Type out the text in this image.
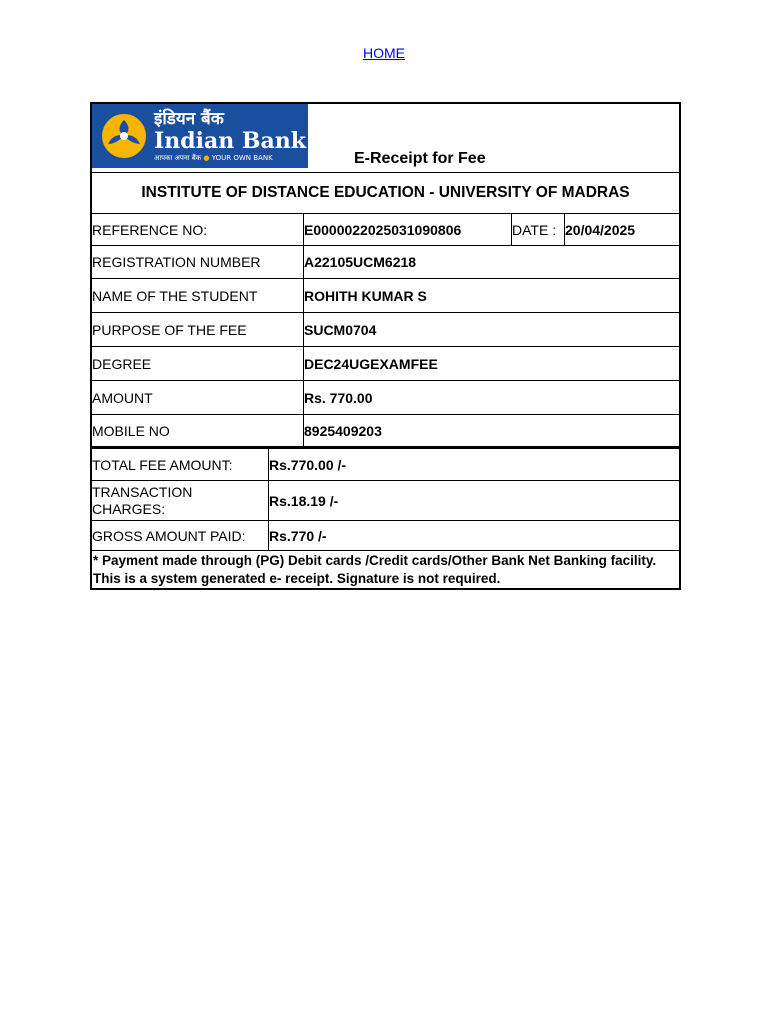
HOME
इंडियन बैंक
Indian Bank
आपका अपना बैंक ● YOUR OWN BANK	E-Receipt for Fee
INSTITUTE OF DISTANCE EDUCATION - UNIVERSITY OF MADRAS
REFERENCE NO:	E0000022025031090806	DATE : 20/04/2025
REGISTRATION NUMBER	A22105UCM6218
NAME OF THE STUDENT	ROHITH KUMAR S
PURPOSE OF THE FEE	SUCM0704
DEGREE	DEC24UGEXAMFEE
AMOUNT	Rs. 770.00
MOBILE NO	8925409203
TOTAL FEE AMOUNT:	Rs.770.00 /-
TRANSACTION CHARGES:	Rs.18.19 /-
GROSS AMOUNT PAID:	Rs.770 /-
* Payment made through (PG) Debit cards /Credit cards/Other Bank Net Banking facility. This is a system generated e- receipt. Signature is not required.
